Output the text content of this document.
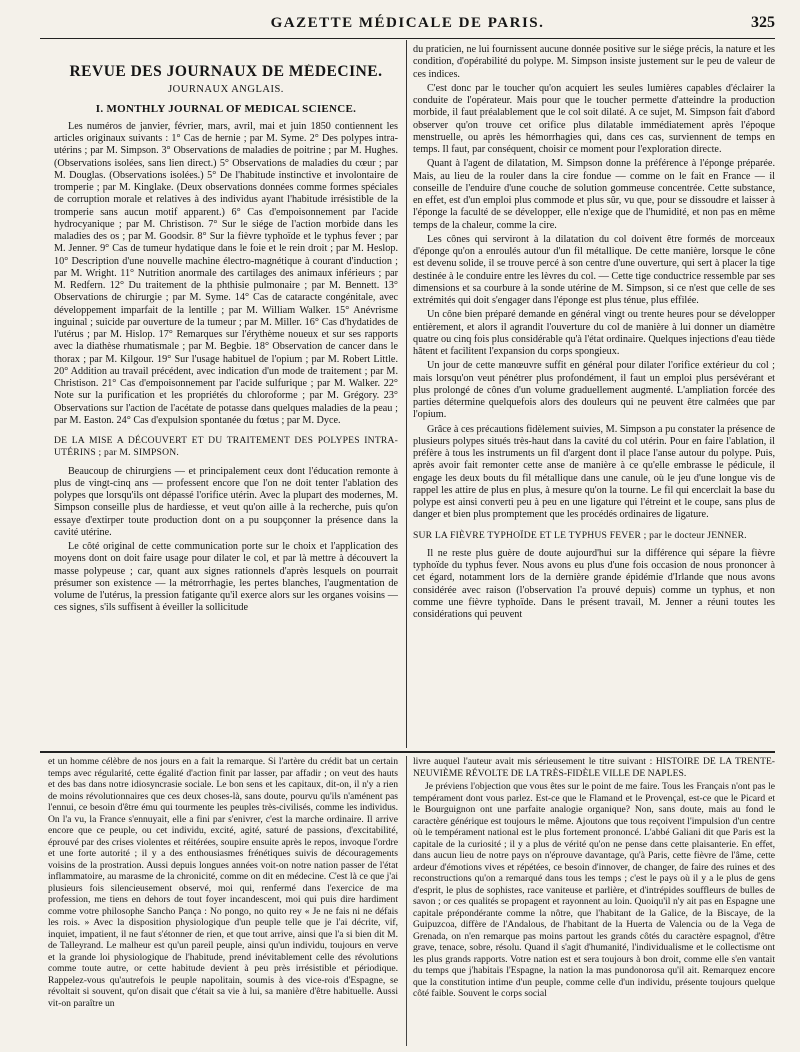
GAZETTE MÉDICALE DE PARIS.	325
REVUE DES JOURNAUX DE MÉDECINE.
JOURNAUX ANGLAIS.
I. MONTHLY JOURNAL OF MEDICAL SCIENCE.

Les numéros de janvier, février, mars, avril, mai et juin 1850 contiennent les articles originaux suivants : 1° Cas de hernie ; par M. Syme. 2° Des polypes intra-utérins ; par M. Simpson. 3° Observations de maladies de poitrine ; par M. Hughes. (Observations isolées, sans lien direct.) 5° Observations de maladies du cœur ; par M. Douglas. (Observations isolées.) 5° De l'habitude instinctive et involontaire de tromperie ; par M. Kinglake. (Deux observations données comme formes spéciales de corruption morale et relatives à des individus ayant l'habitude irrésistible de la tromperie sans aucun motif apparent.) 6° Cas d'empoisonnement par l'acide hydrocyanique ; par M. Christison. 7° Sur le siége de l'action morbide dans les maladies des os ; par M. Goodsir. 8° Sur la fièvre typhoïde et le typhus fever ; par M. Jenner. 9° Cas de tumeur hydatique dans le foie et le rein droit ; par M. Heslop. 10° Description d'une nouvelle machine électro-magnétique à courant d'induction ; par M. Wright. 11° Nutrition anormale des cartilages des animaux inférieurs ; par M. Redfern. 12° Du traitement de la phthisie pulmonaire ; par M. Bennett. 13° Observations de chirurgie ; par M. Syme. 14° Cas de cataracte congénitale, avec développement imparfait de la lentille ; par M. William Walker. 15° Anévrisme inguinal ; suicide par ouverture de la tumeur ; par M. Miller. 16° Cas d'hydatides de l'utérus ; par M. Hislop. 17° Remarques sur l'érythème noueux et sur ses rapports avec la diathèse rhumatismale ; par M. Begbie. 18° Observation de cancer dans le thorax ; par M. Kilgour. 19° Sur l'usage habituel de l'opium ; par M. Robert Little. 20° Addition au travail précédent, avec indication d'un mode de traitement ; par M. Christison. 21° Cas d'empoisonnement par l'acide sulfurique ; par M. Walker. 22° Note sur la purification et les propriétés du chloroforme ; par M. Grégory. 23° Observations sur l'action de l'acétate de potasse dans quelques maladies de la peau ; par M. Easton. 24° Cas d'expulsion spontanée du fœtus ; par M. Dyce.

DE LA MISE A DÉCOUVERT ET DU TRAITEMENT DES POLYPES INTRA-UTÉRINS ; par M. SIMPSON.

Beaucoup de chirurgiens — et principalement ceux dont l'éducation remonte à plus de vingt-cinq ans — professent encore que l'on ne doit tenter l'ablation des polypes que lorsqu'ils ont dépassé l'orifice utérin. Avec la plupart des modernes, M. Simpson conseille plus de hardiesse, et veut qu'on aille à la recherche, puis qu'on essaye d'extirper toute production dont on a pu soupçonner la présence dans la cavité utérine.

Le côté original de cette communication porte sur le choix et l'application des moyens dont on doit faire usage pour dilater le col, et par là mettre à découvert la masse polypeuse ; car, quant aux signes rationnels d'après lesquels on pourrait présumer son existence — la métrorrhagie, les pertes blanches, l'augmentation de volume de l'utérus, la pression fatigante qu'il exerce alors sur les organes voisins — ces signes, s'ils suffisent à éveiller la sollicitude

du praticien, ne lui fournissent aucune donnée positive sur le siége précis, la nature et les condition, d'opérabilité du polype. M. Simpson insiste justement sur le peu de valeur de ces indices.

C'est donc par le toucher qu'on acquiert les seules lumières capables d'éclairer la conduite de l'opérateur. Mais pour que le toucher permette d'atteindre la production morbide, il faut préalablement que le col soit dilaté. A ce sujet, M. Simpson fait d'abord observer qu'on trouve cet orifice plus dilatable immédiatement après l'époque menstruelle, ou après les hémorrhagies qui, dans ces cas, surviennent de temps en temps. Il faut, par conséquent, choisir ce moment pour l'exploration directe.

Quant à l'agent de dilatation, M. Simpson donne la préférence à l'éponge préparée. Mais, au lieu de la rouler dans la cire fondue — comme on le fait en France — il conseille de l'enduire d'une couche de solution gommeuse concentrée. Cette substance, en effet, est d'un emploi plus commode et plus sûr, vu que, pour se dissoudre et laisser à l'éponge la faculté de se développer, elle n'exige que de l'humidité, et non pas en même temps de la chaleur, comme la cire.

Les cônes qui serviront à la dilatation du col doivent être formés de morceaux d'éponge qu'on a enroulés autour d'un fil métallique. De cette manière, lorsque le cône est devenu solide, il se trouve percé à son centre d'une ouverture, qui sert à placer la tige destinée à le conduire entre les lèvres du col. — Cette tige conductrice ressemble par ses dimensions et sa courbure à la sonde utérine de M. Simpson, si ce n'est que celle de ses extrémités qui doit s'engager dans l'éponge est plus ténue, plus effilée.

Un cône bien préparé demande en général vingt ou trente heures pour se développer entièrement, et alors il agrandit l'ouverture du col de manière à lui donner un diamètre quatre ou cinq fois plus considérable qu'à l'état ordinaire. Quelques injections d'eau tiède hâtent et facilitent l'expansion du corps spongieux.

Un jour de cette manœuvre suffit en général pour dilater l'orifice extérieur du col ; mais lorsqu'on veut pénétrer plus profondément, il faut un emploi plus persévérant et plus prolongé de cônes d'un volume graduellement augmenté. L'ampliation forcée des parties détermine quelquefois alors des douleurs qui ne peuvent être calmées que par l'opium.

Grâce à ces précautions fidèlement suivies, M. Simpson a pu constater la présence de plusieurs polypes situés très-haut dans la cavité du col utérin. Pour en faire l'ablation, il préfère à tous les instruments un fil d'argent dont il place l'anse autour du polype. Puis, après avoir fait remonter cette anse de manière à ce qu'elle embrasse le pédicule, il engage les deux bouts du fil métallique dans une canule, où le jeu d'une longue vis de rappel les attire de plus en plus, à mesure qu'on la tourne. Le fil qui encerclait la base du polype est ainsi converti peu à peu en une ligature qui l'étreint et le coupe, sans plus de danger et bien plus promptement que les procédés ordinaires de ligature.

SUR LA FIÈVRE TYPHOÏDE ET LE TYPHUS FEVER ; par le docteur JENNER.

Il ne reste plus guère de doute aujourd'hui sur la différence qui sépare la fièvre typhoïde du typhus fever. Nous avons eu plus d'une fois occasion de nous prononcer à cet égard, notamment lors de la dernière grande épidémie d'Irlande que nous avons considérée avec raison (l'observation l'a prouvé depuis) comme un typhus, et non comme une fièvre typhoïde. Dans le présent travail, M. Jenner a réuni toutes les considérations qui peuvent

et un homme célèbre de nos jours en a fait la remarque. Si l'artère du crédit bat un certain temps avec régularité, cette égalité d'action finit par lasser, par affadir ; on veut des hauts et des bas dans notre idiosyncrasie sociale. Le bon sens et les capitaux, dit-on, il n'y a rien de moins révolutionnaires que ces deux choses-là, sans doute, pourvu qu'ils n'aménent pas l'ennui, ce besoin d'être ému qui tourmente les peuples très-civilisés, comme les individus. On l'a vu, la France s'ennuyait, elle a fini par s'enivrer, c'est la marche ordinaire. Il arrive encore que ce peuple, ou cet individu, excité, agité, saturé de passions, d'excitabilité, éprouvé par des crises violentes et réitérées, soupire ensuite après le repos, invoque l'ordre et une forte autorité ; il y a des enthousiasmes frénétiques suivis de découragements voisins de la prostration. Aussi depuis longues années voit-on notre nation passer de l'état inflammatoire, au marasme de la chronicité, comme on dit en médecine. C'est là ce que j'ai plusieurs fois silencieusement observé, moi qui, renfermé dans l'exercice de ma profession, me tiens en dehors de tout foyer incandescent, moi qui puis dire hardiment comme votre philosophe Sancho Pança : No pongo, no quito rey « Je ne fais ni ne défais les rois. » Avec la disposition physiologique d'un peuple telle que je l'ai décrite, vif, inquiet, impatient, il ne faut s'étonner de rien, et que tout arrive, ainsi que l'a si bien dit M. de Talleyrand. Le malheur est qu'un pareil peuple, ainsi qu'un individu, toujours en verve et la grande loi physiologique de l'habitude, prend inévitablement celle des révolutions comme toute autre, or cette habitude devient à peu près irrésistible et périodique. Rappelez-vous qu'autrefois le peuple napolitain, soumis à des vice-rois d'Espagne, se révoltait si souvent, qu'on disait que c'était sa vie à lui, sa manière d'être habituelle. Aussi vit-on paraître un

livre auquel l'auteur avait mis sérieusement le titre suivant : HISTOIRE DE LA TRENTE-NEUVIÈME RÉVOLTE DE LA TRÈS-FIDÈLE VILLE DE NAPLES.

Je préviens l'objection que vous êtes sur le point de me faire. Tous les Français n'ont pas le tempérament dont vous parlez. Est-ce que le Flamand et le Provençal, est-ce que le Picard et le Bourguignon ont une parfaite analogie organique? Non, sans doute, mais au fond le caractère générique est toujours le même. Ajoutons que tous reçoivent l'impulsion d'un centre où le tempérament national est le plus fortement prononcé. L'abbé Galiani dit que Paris est la capitale de la curiosité ; il y a plus de vérité qu'on ne pense dans cette plaisanterie. En effet, dans aucun lieu de notre pays on n'éprouve davantage, qu'à Paris, cette fièvre de l'âme, cette ardeur d'émotions vives et répétées, ce besoin d'innover, de changer, de faire des ruines et des reconstructions qu'on a remarqué dans tous les temps ; c'est le pays où il y a le plus de gens d'esprit, le plus de sophistes, race vaniteuse et parlière, et d'intrépides souffleurs de bulles de savon ; or ces qualités se propagent et rayonnent au loin. Quoiqu'il n'y ait pas en Espagne une capitale prépondérante comme la nôtre, que l'habitant de la Galice, de la Biscaye, de la Guipuzcoa, diffère de l'Andalous, de l'habitant de la Huerta de Valencia ou de la Vega de Grenada, on n'en remarque pas moins partout les grands côtés du caractère espagnol, d'être grave, tenace, sobre, résolu. Quand il s'agit d'humanité, l'individualisme et le collectisme ont les plus grands rapports. Votre nation est et sera toujours à bon droit, comme elle s'en vantait du temps que j'habitais l'Espagne, la nation la mas pundonorosa qu'il ait. Remarquez encore que la constitution intime d'un peuple, comme celle d'un individu, présente toujours quelque côté faible. Souvent le corps social
